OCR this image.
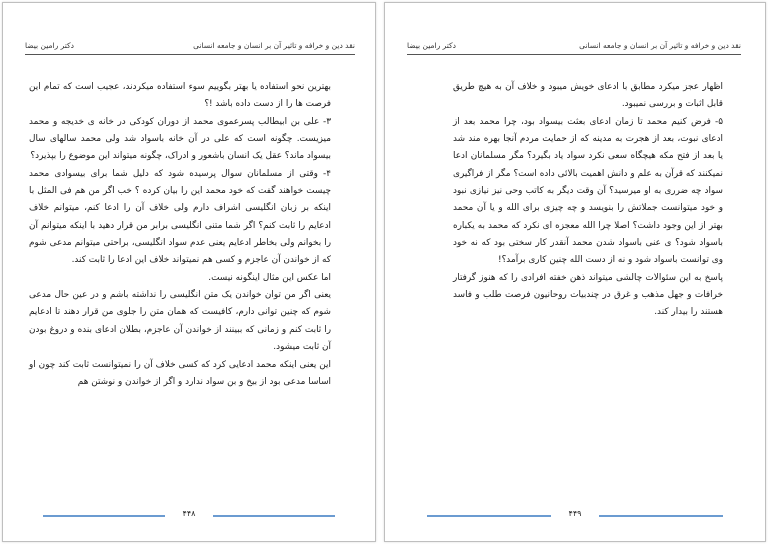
نقد دین و خرافه و تاثیر آن بر انسان و جامعه انسانی
دکتر رامین بیضا

بهترین نحو استفاده یا بهتر بگوییم سوء استفاده میکردند، عجیب است که تمام این فرصت ها را از دست داده باشد !؟

۳- علی بن ابیطالب پسرعموی محمد از دوران کودکی در خانه ی خدیجه و محمد میزیست. چگونه است که علی در آن خانه باسواد شد ولی محمد سالهای سال بیسواد ماند؟ عقل یک انسان باشعور و ادراک، چگونه میتواند این موضوع را بپذیرد؟

۴- وقتی از مسلمانان سوال پرسیده شود که دلیل شما برای بیسوادی محمد چیست خواهند گفت که خود محمد این را بیان کرده ؟ خب اگر من هم فی المثل با اینکه بر زبان انگلیسی اشراف دارم ولی خلاف آن را ادعا کنم، میتوانم خلاف ادعایم را ثابت کنم؟ اگر شما متنی انگلیسی برابر من قرار دهید با اینکه میتوانم آن را بخوانم ولی بخاطر ادعایم یعنی عدم سواد انگلیسی، براحتی میتوانم مدعی شوم که از خواندن آن عاجزم و کسی هم نمیتواند خلاف این ادعا را ثابت کند.

اما عکس این مثال اینگونه نیست.

یعنی اگر من توان خواندن یک متن انگلیسی را نداشته باشم و در عین حال مدعی شوم که چنین توانی دارم، کافیست که همان متن را جلوی من قرار دهند تا ادعایم را ثابت کنم و زمانی که ببینند از خواندن آن عاجزم، بطلان ادعای بنده و دروغ بودن آن ثابت میشود.

این یعنی اینکه محمد ادعایی کرد که کسی خلاف آن را نمیتوانست ثابت کند چون او اساسا مدعی بود از بیخ و بن سواد ندارد و اگر از خواندن و نوشتن هم

۴۴۸
نقد دین و خرافه و تاثیر آن بر انسان و جامعه انسانی
دکتر رامین بیضا

اظهار عجز میکرد مطابق با ادعای خویش میبود و خلاف آن به هیچ طریق قابل اثبات و بررسی نمیبود.

۵- فرض کنیم محمد تا زمان ادعای بعثت بیسواد بود، چرا محمد بعد از ادعای نبوت، بعد از هجرت به مدینه که از حمایت مردم آنجا بهره مند شد یا بعد از فتح مکه هیچگاه سعی نکرد سواد یاد بگیرد؟ مگر مسلمانان ادعا نمیکنند که قرآن به علم و دانش اهمیت بالائی داده است؟ مگر از فراگیری سواد چه ضرری به او میرسید؟ آن وقت دیگر به کاتب وحی نیز نیازی نبود و خود میتوانست جملاتش را بنویسد و چه چیزی برای الله و یا آن محمد بهتر از این وجود داشت؟ اصلا چرا الله معجزه ای نکرد که محمد به یکباره باسواد شود؟ ی عنی باسواد شدن محمد آنقدر کار سختی بود که نه خود وی توانست باسواد شود و نه از دست الله چنین کاری برآمد؟!

پاسخ به این سئوالات چالشی میتواند ذهن خفته افرادی را که هنوز گرفتار خرافات و جهل مذهب و غرق در چندبیات روحانیون فرصت طلب و فاسد هستند را بیدار کند.

۴۴۹
